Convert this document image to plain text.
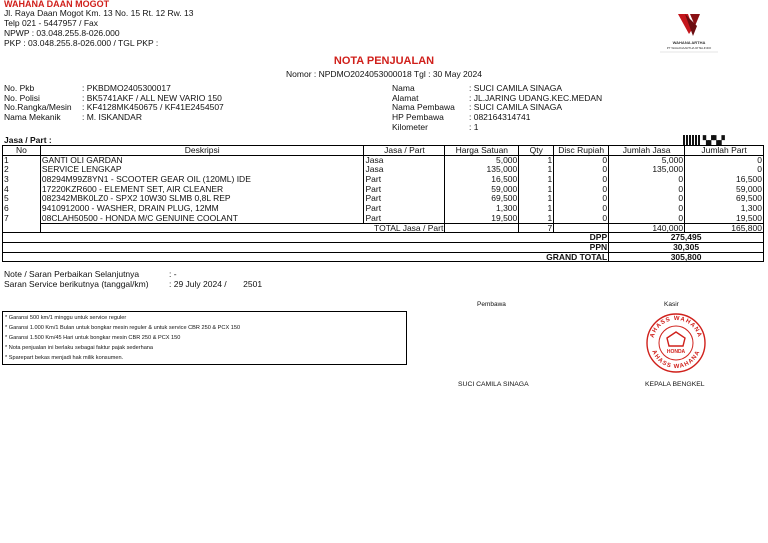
WAHANA DAAN MOGOT
Jl. Raya Daan Mogot Km. 13 No. 15 Rt. 12 Rw. 13
Telp 021 - 5447957 / Fax
NPWP : 03.048.255.8-026.000
PKP : 03.048.255.8-026.000 / TGL PKP :	WAHANA ARTHA
PT WAHANAARTHA RITELINDO
NOTA PENJUALAN
Nomor : NPDMO2024053000018 Tgl : 30 May 2024
No. Pkb	: PKBDMO2405300017
No. Polisi	: BK5741AKF / ALL NEW VARIO 150
No.Rangka/Mesin	: KF4128MK450675 / KF41E2454507
Nama Mekanik	: M. ISKANDAR
Nama	: SUCI CAMILA SINAGA
Alamat	: JL.JARING UDANG.KEC.MEDAN
Nama Pembawa	: SUCI CAMILA SINAGA
HP Pembawa	: 082164314741
Kilometer	: 1
Jasa / Part :	▚▞▚▞
No	Deskripsi	Jasa / Part	Harga Satuan	Qty	Disc Rupiah	Jumlah Jasa	Jumlah Part
1	GANTI OLI GARDAN	Jasa	5,000	1	0	5,000	0
2	SERVICE LENGKAP	Jasa	135,000	1	0	135,000	0
3	08294M99Z8YN1 - SCOOTER GEAR OIL (120ML) IDE	Part	16,500	1	0	0	16,500
4	17220KZR600 - ELEMENT SET, AIR CLEANER	Part	59,000	1	0	0	59,000
5	082342MBK0LZ0 - SPX2 10W30 SLMB 0,8L REP	Part	69,500	1	0	0	69,500
6	9410912000 - WASHER, DRAIN PLUG, 12MM	Part	1,300	1	0	0	1,300
7	08CLAH50500 - HONDA M/C GENUINE COOLANT	Part	19,500	1	0	0	19,500
	TOTAL Jasa / Part			7		140,000	165,800
DPP						275,495	
PPN						30,305	
GRAND TOTAL						305,800	
Note / Saran Perbaikan Selanjutnya	: -
Saran Service berikutnya (tanggal/km)	: 29 July 2024 /       2501
Pembawa	Kasir
* Garansi 500 km/1 minggu untuk service reguler
* Garansi 1.000 Km/1 Bulan untuk bongkar mesin reguler & untuk service CBR 250 & PCX 150
* Garansi 1.500 Km/45 Hari untuk bongkar mesin CBR 250 & PCX 150
* Nota penjualan ini berlaku sebagai faktur pajak sederhana
* Sparepart bekas menjadi hak milik konsumen.
AHASS WAHANA
AHASS WAHANA
HONDA
SUCI CAMILA SINAGA	KEPALA BENGKEL
